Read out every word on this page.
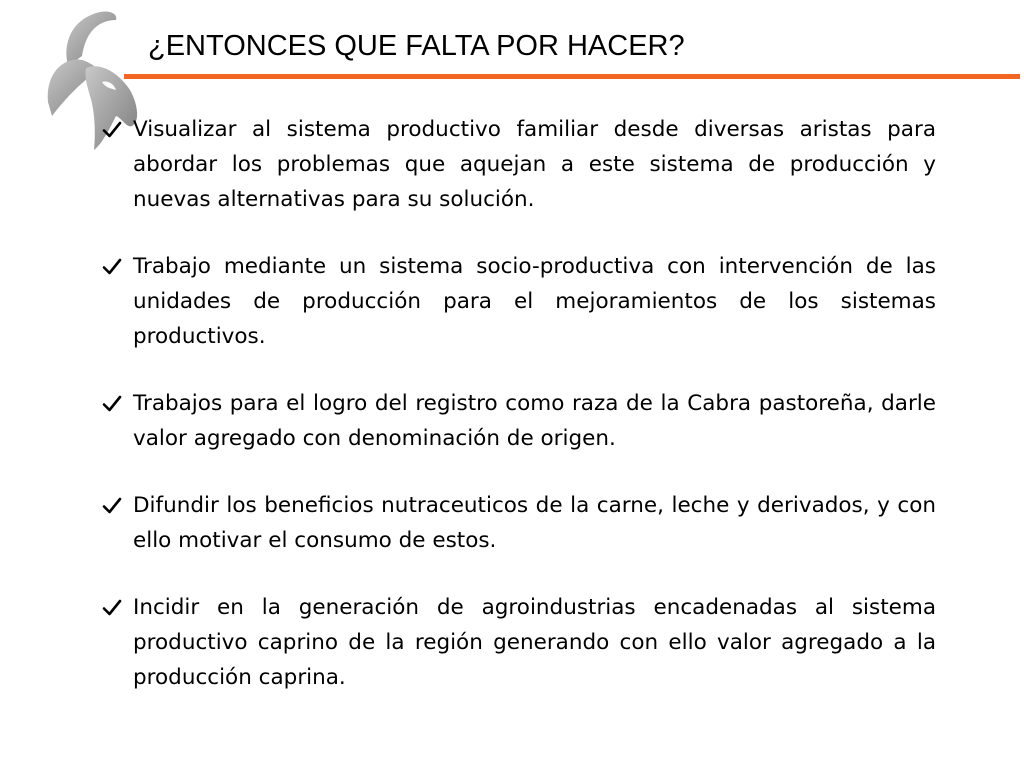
¿ENTONCES QUE FALTA POR HACER?
Visualizar al sistema productivo familiar desde diversas aristas para abordar los problemas que aquejan a este sistema de producción y nuevas alternativas para su solución.
Trabajo mediante un sistema socio-productiva con intervención de las unidades de producción para el mejoramientos de los sistemas productivos.
Trabajos para el logro del registro como raza de la Cabra pastoreña, darle valor agregado con denominación de origen.
Difundir los beneficios nutraceuticos de la carne, leche y derivados, y con ello motivar el consumo de estos.
Incidir en la generación de agroindustrias encadenadas al sistema productivo caprino de la región generando con ello valor agregado a la producción caprina.
